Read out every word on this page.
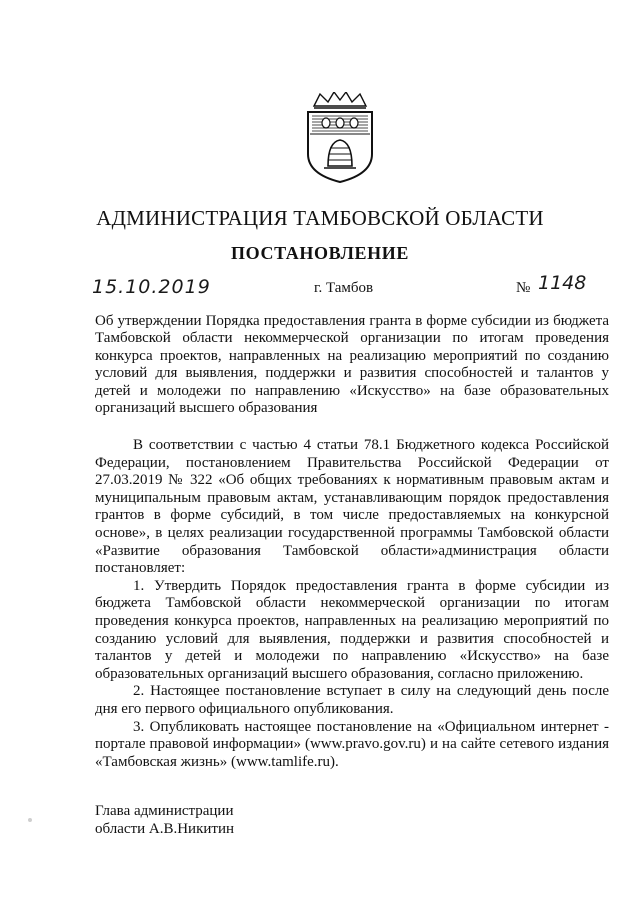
АДМИНИСТРАЦИЯ ТАМБОВСКОЙ ОБЛАСТИ
ПОСТАНОВЛЕНИЕ
15.10.2019	г. Тамбов	№ 1148
Об утверждении Порядка предоставления гранта в форме субсидии из бюджета Тамбовской области некоммерческой организации по итогам проведения конкурса проектов, направленных на реализацию мероприятий по созданию условий для выявления, поддержки и развития способностей и талантов у детей и молодежи по направлению «Искусство» на базе образовательных организаций высшего образования

В соответствии с частью 4 статьи 78.1 Бюджетного кодекса Российской Федерации, постановлением Правительства Российской Федерации от 27.03.2019 № 322 «Об общих требованиях к нормативным правовым актам и муниципальным правовым актам, устанавливающим порядок предоставления грантов в форме субсидий, в том числе предоставляемых на конкурсной основе», в целях реализации государственной программы Тамбовской области «Развитие образования Тамбовской области»администрация области постановляет:

1. Утвердить Порядок предоставления гранта в форме субсидии из бюджета Тамбовской области некоммерческой организации по итогам проведения конкурса проектов, направленных на реализацию мероприятий по созданию условий для выявления, поддержки и развития способностей и талантов у детей и молодежи по направлению «Искусство» на базе образовательных организаций высшего образования, согласно приложению.

2. Настоящее постановление вступает в силу на следующий день после дня его первого официального опубликования.

3. Опубликовать настоящее постановление на «Официальном интернет - портале правовой информации» (www.pravo.gov.ru) и на сайте сетевого издания «Тамбовская жизнь» (www.tamlife.ru).

Глава администрации
области А.В.Никитин
